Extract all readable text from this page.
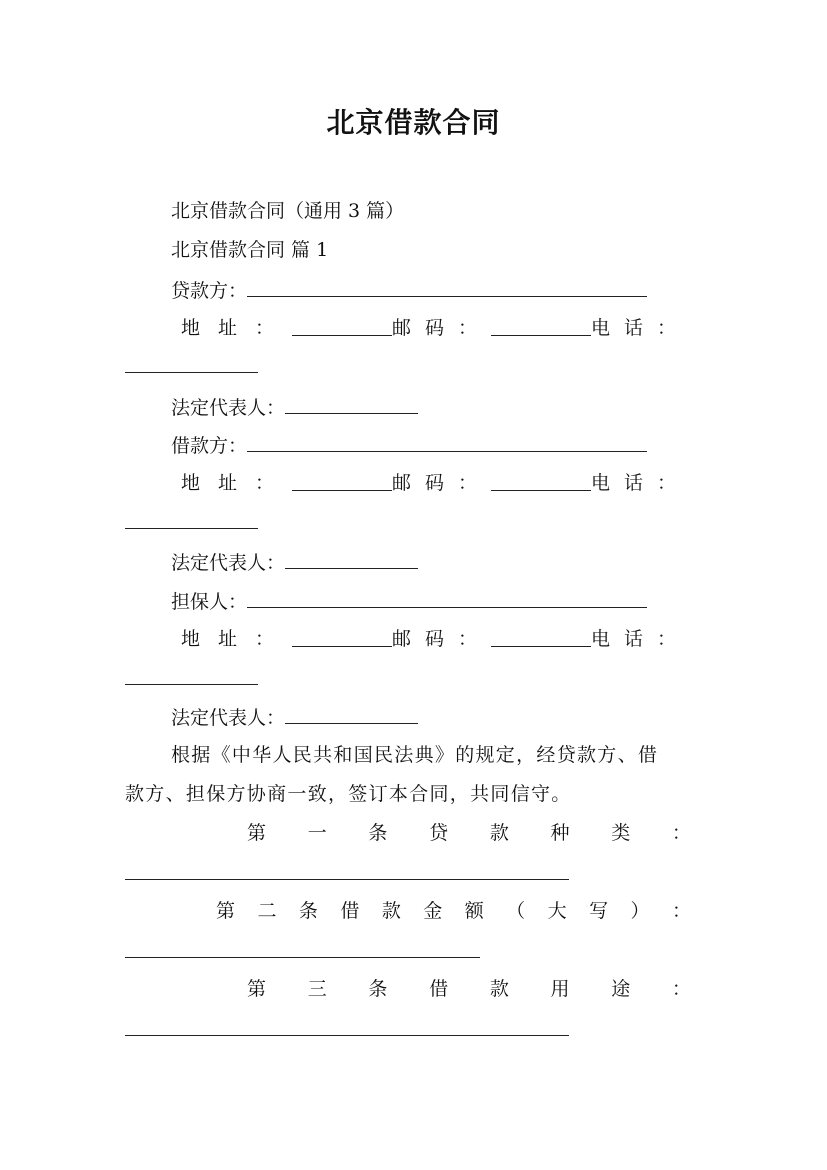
北京借款合同
北京借款合同（通用 3 篇）
北京借款合同 篇 1
贷款方：
地址：	邮码：	电话：
法定代表人：
借款方：
地址：	邮码：	电话：
法定代表人：
担保人：
地址：	邮码：	电话：
法定代表人：
根据《中华人民共和国民法典》的规定，经贷款方、借
款方、担保方协商一致，签订本合同，共同信守。
第 一 条 贷 款 种 类 ：
第 二 条 借 款 金 额 （ 大 写 ） ：
第 三 条 借 款 用 途 ：
